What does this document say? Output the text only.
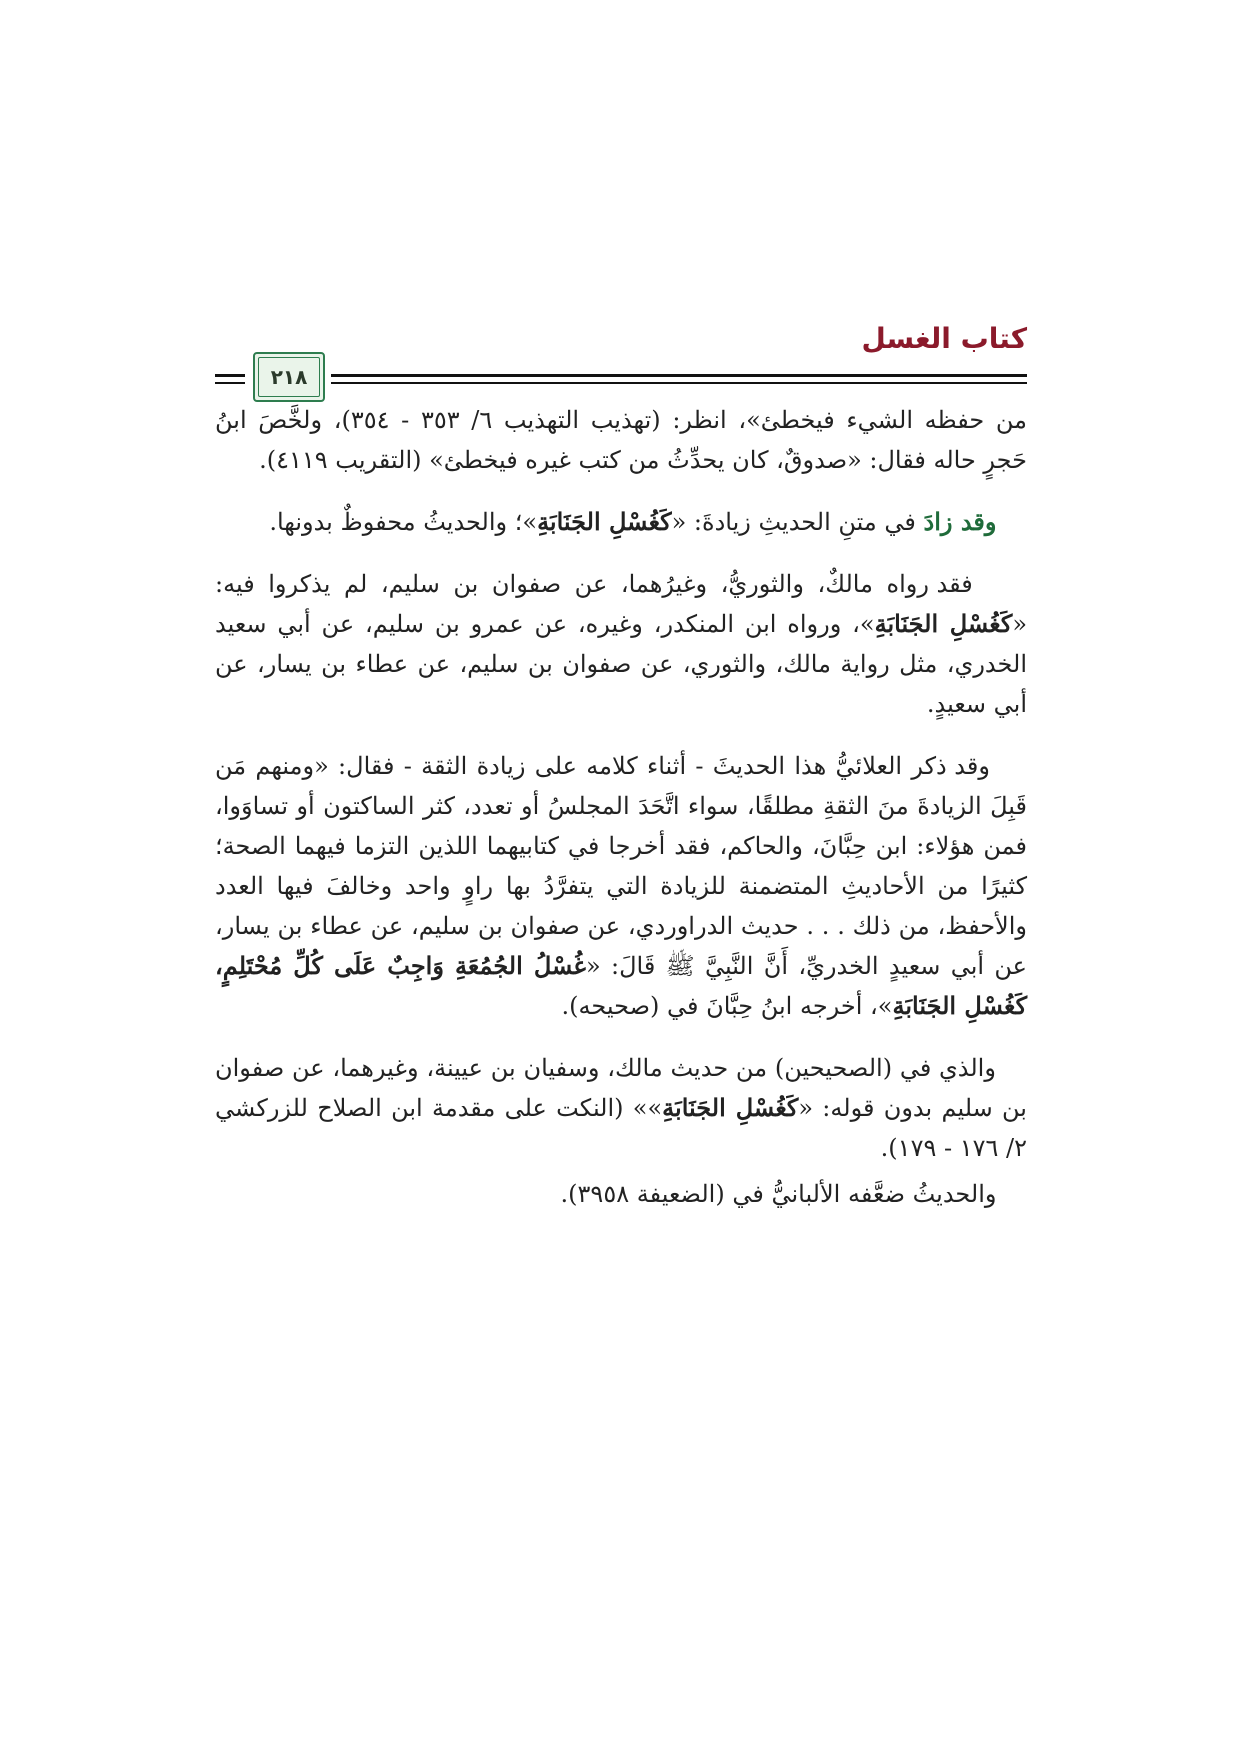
كتاب الغسل
٢١٨

من حفظه الشيء فيخطئ»، انظر: (تهذيب التهذيب ٦/ ٣٥٣ - ٣٥٤)، ولخَّصَ ابنُ حَجرٍ حاله فقال: «صدوقٌ، كان يحدِّثُ من كتب غيره فيخطئ» (التقريب ٤١١٩).

وقد زادَ في متنِ الحديثِ زيادةَ: «كَغُسْلِ الجَنَابَةِ»؛ والحديثُ محفوظٌ بدونها.

فقد رواه مالكٌ، والثوريُّ، وغيرُهما، عن صفوان بن سليم، لم يذكروا فيه: «كَغُسْلِ الجَنَابَةِ»، ورواه ابن المنكدر، وغيره، عن عمرو بن سليم، عن أبي سعيد الخدري، مثل رواية مالك، والثوري، عن صفوان بن سليم، عن عطاء بن يسار، عن أبي سعيدٍ.

وقد ذكر العلائيُّ هذا الحديثَ - أثناء كلامه على زيادة الثقة - فقال: «ومنهم مَن قَبِلَ الزيادةَ منَ الثقةِ مطلقًا، سواء اتَّحَدَ المجلسُ أو تعدد، كثر الساكتون أو تساوَوا، فمن هؤلاء: ابن حِبَّانَ، والحاكم، فقد أخرجا في كتابيهما اللذين التزما فيهما الصحة؛ كثيرًا من الأحاديثِ المتضمنة للزيادة التي يتفرَّدُ بها راوٍ واحد وخالفَ فيها العدد والأحفظ، من ذلك . . . حديث الدراوردي، عن صفوان بن سليم، عن عطاء بن يسار، عن أبي سعيدٍ الخدريِّ، أَنَّ النَّبِيَّ ﷺ قَالَ: «غُسْلُ الجُمُعَةِ وَاجِبٌ عَلَى كُلِّ مُحْتَلِمٍ، كَغُسْلِ الجَنَابَةِ»، أخرجه ابنُ حِبَّانَ في (صحيحه).

والذي في (الصحيحين) من حديث مالك، وسفيان بن عيينة، وغيرهما، عن صفوان بن سليم بدون قوله: «كَغُسْلِ الجَنَابَةِ»» (النكت على مقدمة ابن الصلاح للزركشي ٢/ ١٧٦ - ١٧٩).

والحديثُ ضعَّفه الألبانيُّ في (الضعيفة ٣٩٥٨).
